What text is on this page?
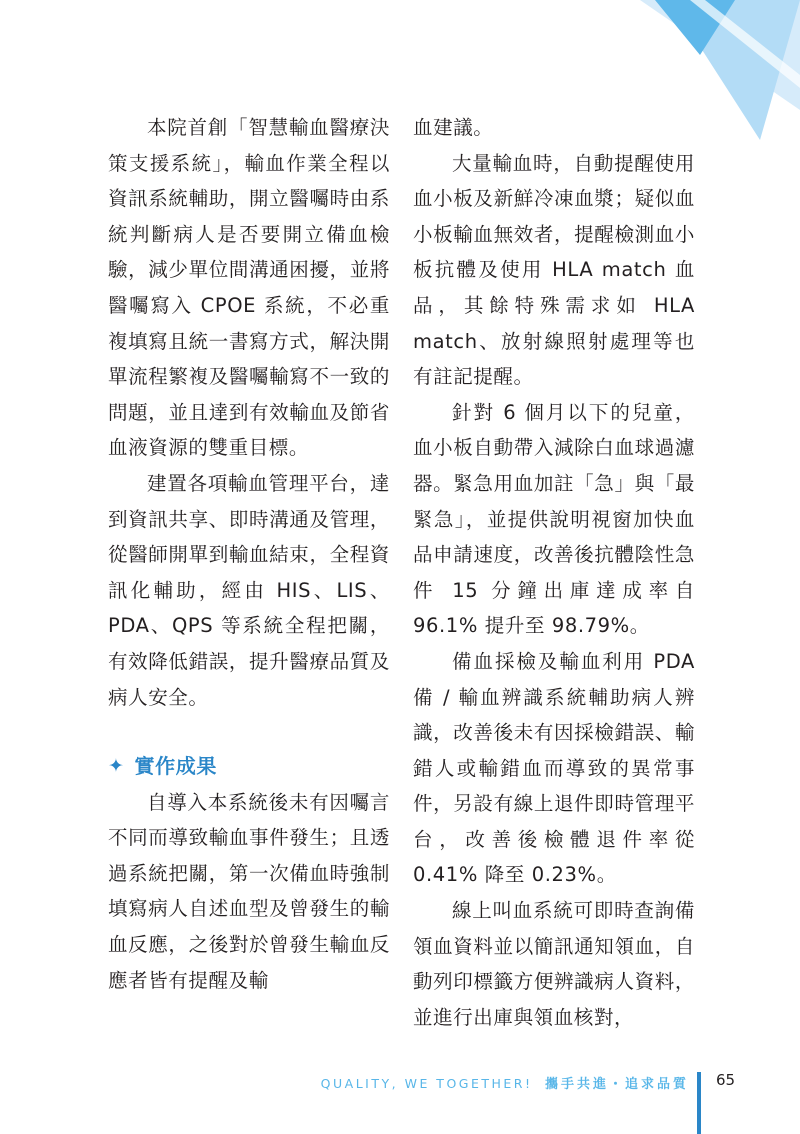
本院首創「智慧輸血醫療決策支援系統」，輸血作業全程以資訊系統輔助，開立醫囑時由系統判斷病人是否要開立備血檢驗，減少單位間溝通困擾，並將醫囑寫入 CPOE 系統，不必重複填寫且統一書寫方式，解決開單流程繁複及醫囑輸寫不一致的問題，並且達到有效輸血及節省血液資源的雙重目標。

建置各項輸血管理平台，達到資訊共享、即時溝通及管理，從醫師開單到輸血結束，全程資訊化輔助，經由 HIS、LIS、PDA、QPS 等系統全程把關，有效降低錯誤，提升醫療品質及病人安全。

✦ 實作成果

自導入本系統後未有因囑言不同而導致輸血事件發生；且透過系統把關，第一次備血時強制填寫病人自述血型及曾發生的輸血反應，之後對於曾發生輸血反應者皆有提醒及輸

血建議。

大量輸血時，自動提醒使用血小板及新鮮冷凍血漿；疑似血小板輸血無效者，提醒檢測血小板抗體及使用 HLA match 血品，其餘特殊需求如 HLA match、放射線照射處理等也有註記提醒。

針對 6 個月以下的兒童，血小板自動帶入減除白血球過濾器。緊急用血加註「急」與「最緊急」，並提供說明視窗加快血品申請速度，改善後抗體陰性急件 15 分鐘出庫達成率自 96.1% 提升至 98.79%。

備血採檢及輸血利用 PDA 備 / 輸血辨識系統輔助病人辨識，改善後未有因採檢錯誤、輸錯人或輸錯血而導致的異常事件，另設有線上退件即時管理平台，改善後檢體退件率從 0.41% 降至 0.23%。

線上叫血系統可即時查詢備領血資料並以簡訊通知領血，自動列印標籤方便辨識病人資料，並進行出庫與領血核對，

QUALITY, WE TOGETHER! 攜手共進・追求品質 65
